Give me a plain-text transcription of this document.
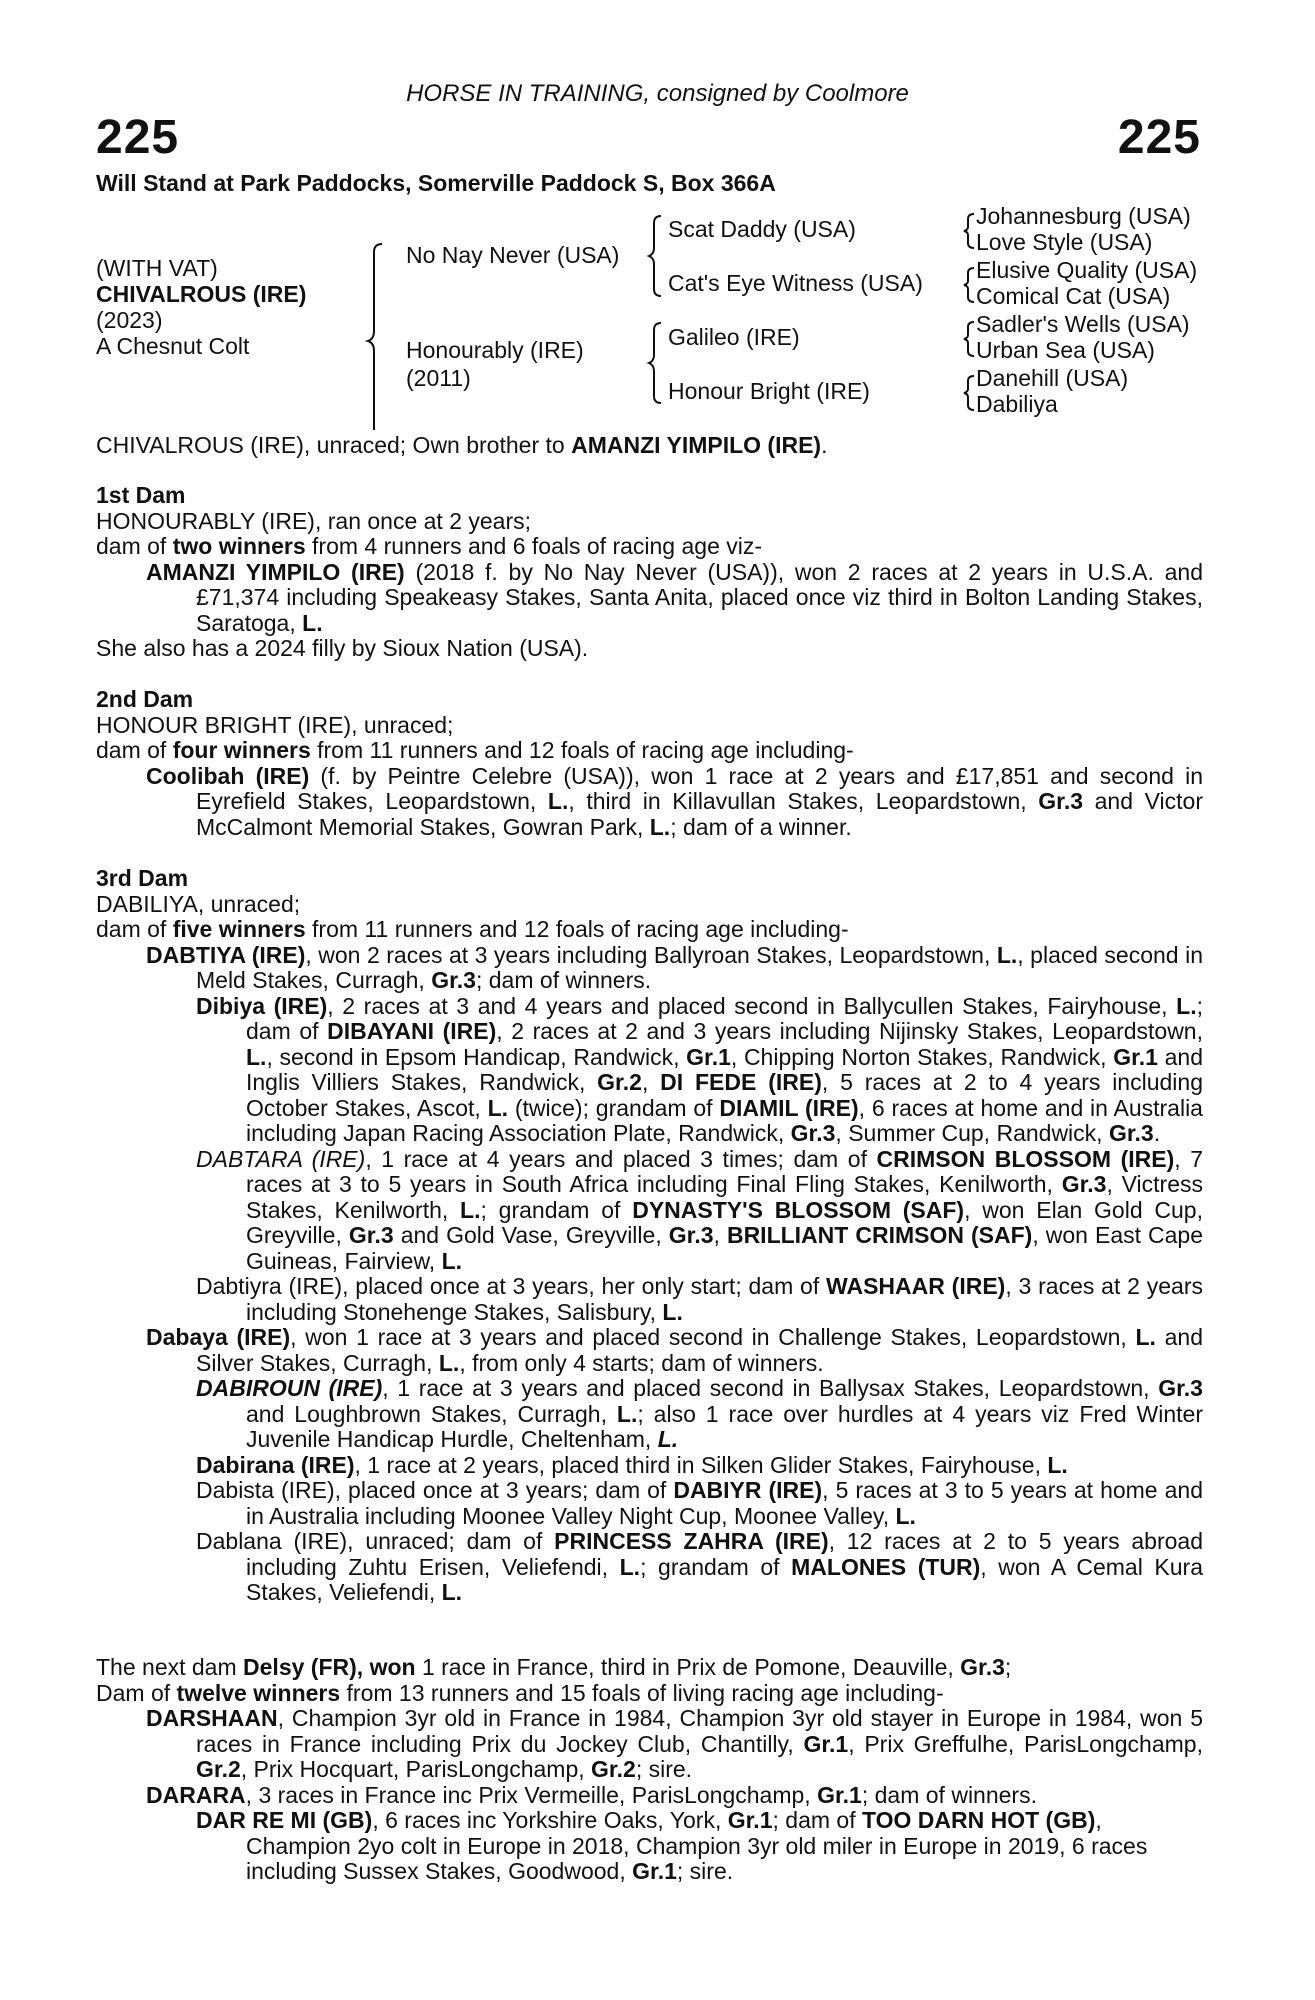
HORSE IN TRAINING, consigned by Coolmore
225	225
Will Stand at Park Paddocks, Somerville Paddock S, Box 366A
(WITH VAT)
CHIVALROUS (IRE)
(2023)
A Chesnut Colt
No Nay Never (USA)
Honourably (IRE)
(2011)
Scat Daddy (USA)
Cat's Eye Witness (USA)
Galileo (IRE)
Honour Bright (IRE)
Johannesburg (USA)
Love Style (USA)
Elusive Quality (USA)
Comical Cat (USA)
Sadler's Wells (USA)
Urban Sea (USA)
Danehill (USA)
Dabiliya

CHIVALROUS (IRE), unraced; Own brother to AMANZI YIMPILO (IRE).

1st Dam

HONOURABLY (IRE), ran once at 2 years;

dam of two winners from 4 runners and 6 foals of racing age viz-

AMANZI YIMPILO (IRE) (2018 f. by No Nay Never (USA)), won 2 races at 2 years in U.S.A. and £71,374 including Speakeasy Stakes, Santa Anita, placed once viz third in Bolton Landing Stakes, Saratoga, L.

She also has a 2024 filly by Sioux Nation (USA).

2nd Dam

HONOUR BRIGHT (IRE), unraced;

dam of four winners from 11 runners and 12 foals of racing age including-

Coolibah (IRE) (f. by Peintre Celebre (USA)), won 1 race at 2 years and £17,851 and second in Eyrefield Stakes, Leopardstown, L., third in Killavullan Stakes, Leopardstown, Gr.3 and Victor McCalmont Memorial Stakes, Gowran Park, L.; dam of a winner.

3rd Dam

DABILIYA, unraced;

dam of five winners from 11 runners and 12 foals of racing age including-

DABTIYA (IRE), won 2 races at 3 years including Ballyroan Stakes, Leopardstown, L., placed second in Meld Stakes, Curragh, Gr.3; dam of winners.

Dibiya (IRE), 2 races at 3 and 4 years and placed second in Ballycullen Stakes, Fairyhouse, L.; dam of DIBAYANI (IRE), 2 races at 2 and 3 years including Nijinsky Stakes, Leopardstown, L., second in Epsom Handicap, Randwick, Gr.1, Chipping Norton Stakes, Randwick, Gr.1 and Inglis Villiers Stakes, Randwick, Gr.2, DI FEDE (IRE), 5 races at 2 to 4 years including October Stakes, Ascot, L. (twice); grandam of DIAMIL (IRE), 6 races at home and in Australia including Japan Racing Association Plate, Randwick, Gr.3, Summer Cup, Randwick, Gr.3.

DABTARA (IRE), 1 race at 4 years and placed 3 times; dam of CRIMSON BLOSSOM (IRE), 7 races at 3 to 5 years in South Africa including Final Fling Stakes, Kenilworth, Gr.3, Victress Stakes, Kenilworth, L.; grandam of DYNASTY'S BLOSSOM (SAF), won Elan Gold Cup, Greyville, Gr.3 and Gold Vase, Greyville, Gr.3, BRILLIANT CRIMSON (SAF), won East Cape Guineas, Fairview, L.

Dabtiyra (IRE), placed once at 3 years, her only start; dam of WASHAAR (IRE), 3 races at 2 years including Stonehenge Stakes, Salisbury, L.

Dabaya (IRE), won 1 race at 3 years and placed second in Challenge Stakes, Leopardstown, L. and Silver Stakes, Curragh, L., from only 4 starts; dam of winners.

DABIROUN (IRE), 1 race at 3 years and placed second in Ballysax Stakes, Leopardstown, Gr.3 and Loughbrown Stakes, Curragh, L.; also 1 race over hurdles at 4 years viz Fred Winter Juvenile Handicap Hurdle, Cheltenham, L.

Dabirana (IRE), 1 race at 2 years, placed third in Silken Glider Stakes, Fairyhouse, L.

Dabista (IRE), placed once at 3 years; dam of DABIYR (IRE), 5 races at 3 to 5 years at home and in Australia including Moonee Valley Night Cup, Moonee Valley, L.

Dablana (IRE), unraced; dam of PRINCESS ZAHRA (IRE), 12 races at 2 to 5 years abroad including Zuhtu Erisen, Veliefendi, L.; grandam of MALONES (TUR), won A Cemal Kura Stakes, Veliefendi, L.

The next dam Delsy (FR), won 1 race in France, third in Prix de Pomone, Deauville, Gr.3;

Dam of twelve winners from 13 runners and 15 foals of living racing age including-

DARSHAAN, Champion 3yr old in France in 1984, Champion 3yr old stayer in Europe in 1984, won 5 races in France including Prix du Jockey Club, Chantilly, Gr.1, Prix Greffulhe, ParisLongchamp, Gr.2, Prix Hocquart, ParisLongchamp, Gr.2; sire.

DARARA, 3 races in France inc Prix Vermeille, ParisLongchamp, Gr.1; dam of winners.

DAR RE MI (GB), 6 races inc Yorkshire Oaks, York, Gr.1; dam of TOO DARN HOT (GB), Champion 2yo colt in Europe in 2018, Champion 3yr old miler in Europe in 2019, 6 races including Sussex Stakes, Goodwood, Gr.1; sire.
